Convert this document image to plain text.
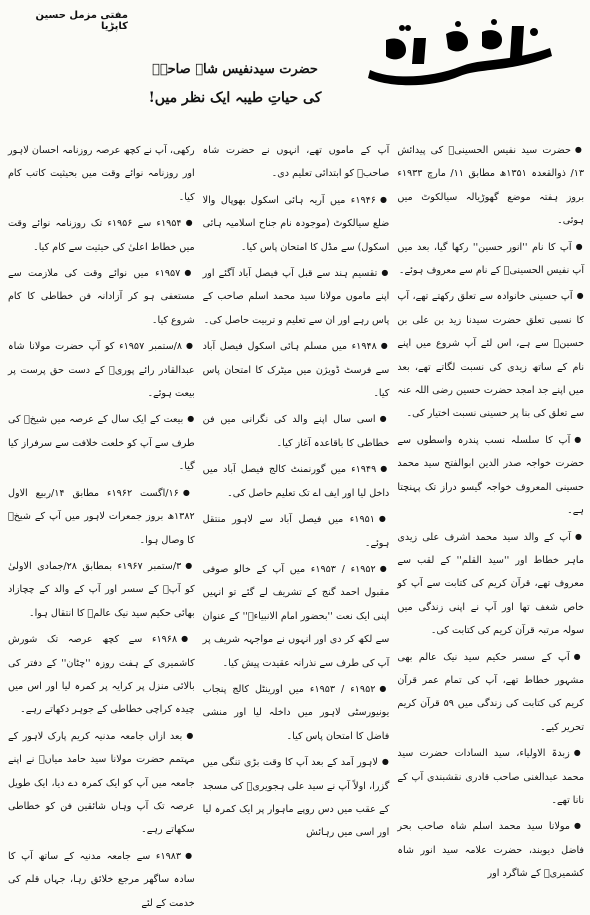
مفتی مزمل حسین کاپڑیا
حضرت سیدنفیس شاہ صاحبؒ
کی حیاتِ طیبہ ایک نظر میں!

● حضرت سید نفیس الحسینیؒ کی پیدائش ۱۳/ ذوالقعدہ ۱۳۵۱ھ مطابق ۱۱/ مارچ ۱۹۳۳ء بروز ہفتہ موضع گھوڑیالہ سیالکوٹ میں ہوئی۔

● آپ کا نام ''انور حسین'' رکھا گیا، بعد میں آپ نفیس الحسینیؒ کے نام سے معروف ہوئے۔

● آپ حسینی خانوادہ سے تعلق رکھتے تھے، آپ کا نسبی تعلق حضرت سیدنا زید بن علی بن حسینؓ سے ہے، اس لئے آپ شروع میں اپنے نام کے ساتھ زیدی کی نسبت لگاتے تھے، بعد میں اپنے جد امجد حضرت حسین رضی اللہ عنہ سے تعلق کی بنا پر حسینی نسبت اختیار کی۔

● آپ کا سلسلہ نسب پندرہ واسطوں سے حضرت خواجہ صدر الدین ابوالفتح سید محمد حسینی المعروف خواجہ گیسو دراز تک پہنچتا ہے۔

● آپ کے والد سید محمد اشرف علی زیدی ماہر خطاط اور ''سید القلم'' کے لقب سے معروف تھے، قرآن کریم کی کتابت سے آپ کو خاص شغف تھا اور آپ نے اپنی زندگی میں سولہ مرتبہ قرآن کریم کی کتابت کی۔

● آپ کے سسر حکیم سید نیک عالم بھی مشہور خطاط تھے، آپ کی تمام عمر قرآن کریم کی کتابت کی زندگی میں ۵۹ قرآن کریم تحریر کیے۔

● زبدۃ الاولیاء، سید السادات حضرت سید محمد عبدالغنی صاحب قادری نقشبندی آپ کے نانا تھے۔

● مولانا سید محمد اسلم شاہ صاحب بحر فاضل دیوبند، حضرت علامہ سید انور شاہ کشمیریؒ کے شاگرد اور

آپ کے ماموں تھے، انہوں نے حضرت شاہ صاحبؒ کو ابتدائی تعلیم دی۔

● ۱۹۴۶ء میں آریہ ہائی اسکول بھوپال والا ضلع سیالکوٹ (موجودہ نام جناح اسلامیہ ہائی اسکول) سے مڈل کا امتحان پاس کیا۔

● تقسیم ہند سے قبل آپ فیصل آباد آگئے اور اپنے ماموں مولانا سید محمد اسلم صاحب کے پاس رہے اور ان سے تعلیم و تربیت حاصل کی۔

● ۱۹۴۸ء میں مسلم ہائی اسکول فیصل آباد سے فرسٹ ڈویژن میں میٹرک کا امتحان پاس کیا۔

● اسی سال اپنے والد کی نگرانی میں فن خطاطی کا باقاعدہ آغاز کیا۔

● ۱۹۴۹ء میں گورنمنٹ کالج فیصل آباد میں داخل لیا اور ایف اے تک تعلیم حاصل کی۔

● ۱۹۵۱ء میں فیصل آباد سے لاہور منتقل ہوئے۔

● ۱۹۵۲ء / ۱۹۵۳ء میں آپ کے خالو صوفی مقبول احمد گنج کے تشریف لے گئے تو انہیں اپنی ایک نعت ''بحضور امام الانبیاءؐ'' کے عنوان سے لکھ کر دی اور انہوں نے مواجہہ شریف پر آپ کی طرف سے نذرانہ عقیدت پیش کیا۔

● ۱۹۵۲ء / ۱۹۵۳ء میں اورینٹل کالج پنجاب یونیورسٹی لاہور میں داخلہ لیا اور منشی فاضل کا امتحان پاس کیا۔

● لاہور آمد کے بعد آپ کا وقت بڑی تنگی میں گزرا، اولاً آپ نے سید علی ہجویریؒ کی مسجد کے عقب میں دس روپے ماہوار پر ایک کمرہ لیا اور اسی میں رہائش

رکھی، آپ نے کچھ عرصہ روزنامہ احسان لاہور اور روزنامہ نوائے وقت میں بحیثیت کاتب کام کیا۔

● ۱۹۵۴ء سے ۱۹۵۶ء تک روزنامہ نوائے وقت میں خطاط اعلیٰ کی حیثیت سے کام کیا۔

● ۱۹۵۷ء میں نوائے وقت کی ملازمت سے مستعفی ہو کر آزادانہ فن خطاطی کا کام شروع کیا۔

● ۸/ستمبر ۱۹۵۷ء کو آپ حضرت مولانا شاہ عبدالقادر رائے پوریؒ کے دست حق پرست پر بیعت ہوئے۔

● بیعت کے ایک سال کے عرصہ میں شیخؒ کی طرف سے آپ کو خلعت خلافت سے سرفراز کیا گیا۔

● ۱۶/اگست ۱۹۶۲ء مطابق ۱۴/ربیع الاول ۱۳۸۲ھ بروز جمعرات لاہور میں آپ کے شیخؒ کا وصال ہوا۔

● ۳/ستمبر ۱۹۶۷ء بمطابق ۲۸/جمادی الاولیٰ کو آپؒ کے سسر اور آپ کے والد کے چچازاد بھائی حکیم سید نیک عالمؒ کا انتقال ہوا۔

● ۱۹۶۸ء سے کچھ عرصہ تک شورش کاشمیری کے ہفت روزہ ''چٹان'' کے دفتر کی بالائی منزل پر کرایہ پر کمرہ لیا اور اس میں چیدہ کراچی خطاطی کے جوہر دکھاتے رہے۔

● بعد ازاں جامعہ مدنیہ کریم پارک لاہور کے مہتمم حضرت مولانا سید حامد میاںؒ نے اپنے جامعہ میں آپ کو ایک کمرہ دے دیا، ایک طویل عرصہ تک آپ وہاں شائقین فن کو خطاطی سکھاتے رہے۔

● ۱۹۸۳ء سے جامعہ مدنیہ کے ساتھ آپ کا سادہ ساگھر مرجع خلائق رہا، جہاں قلم کی خدمت کے لئے
